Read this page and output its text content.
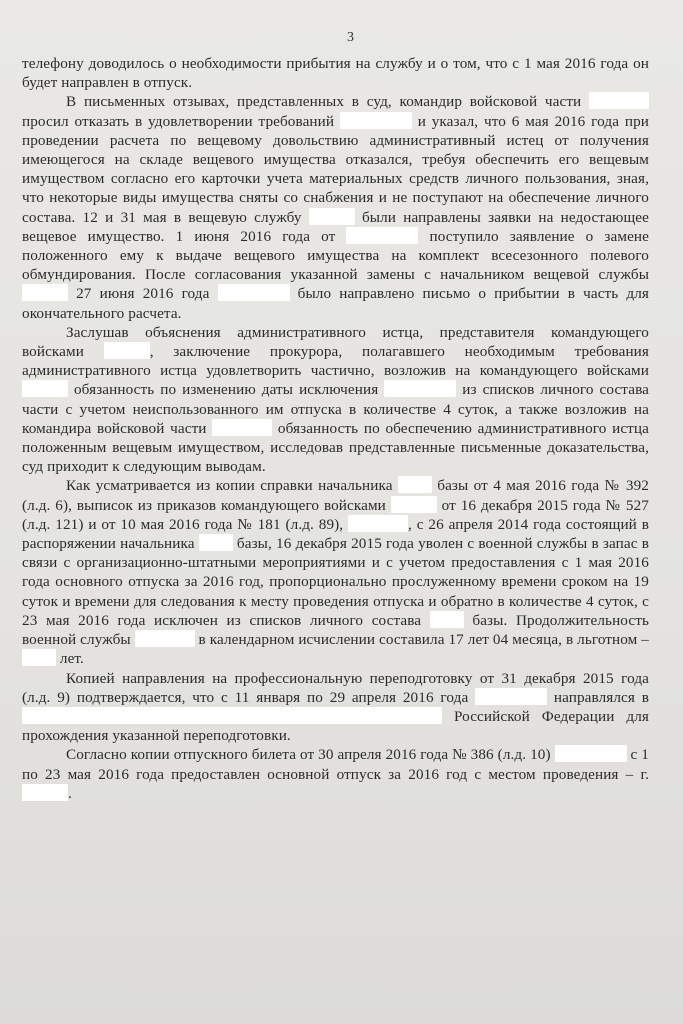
3

телефону доводилось о необходимости прибытия на службу и о том, что с 1 мая 2016 года он будет направлен в отпуск.

В письменных отзывах, представленных в суд, командир войсковой части  просил отказать в удовлетворении требований	и указал, что 6 мая 2016 года при проведении расчета по вещевому довольствию административный истец от получения имеющегося на складе вещевого имущества отказался, требуя обеспечить его вещевым имуществом согласно его карточки учета материальных средств личного пользования, зная, что некоторые виды имущества сняты со снабжения и не поступают на обеспечение личного состава. 12 и 31 мая в вещевую службу	были направлены заявки на недостающее вещевое имущество. 1 июня 2016 года от	поступило заявление о замене положенного ему к выдаче вещевого имущества на комплект всесезонного полевого обмундирования. После согласования указанной замены с начальником вещевой службы  27 июня 2016 года	было направлено письмо о прибытии в часть для окончательного расчета.

Заслушав объяснения административного истца, представителя командующего войсками	, заключение прокурора, полагавшего необходимым требования административного истца удовлетворить частично, возложив на командующего войсками  обязанность по изменению даты исключения	из списков личного состава части с учетом неиспользованного им отпуска в количестве 4 суток, а также возложив на командира войсковой части	обязанность по обеспечению административного истца положенным вещевым имуществом, исследовав представленные письменные доказательства, суд приходит к следующим выводам.

Как усматривается из копии справки начальника  базы от 4 мая 2016 года № 392 (л.д. 6), выписок из приказов командующего войсками	от 16 декабря 2015 года № 527 (л.д. 121) и от 10 мая 2016 года № 181 (л.д. 89),	, с 26 апреля 2014 года состоящий в распоряжении начальника  базы, 16 декабря 2015 года уволен с военной службы в запас в связи с организационно-штатными мероприятиями и с учетом предоставления с 1 мая 2016 года основного отпуска за 2016 год, пропорционально прослуженному времени сроком на 19 суток и времени для следования к месту проведения отпуска и обратно в количестве 4 суток, с 23 мая 2016 года исключен из списков личного состава  базы. Продолжительность военной службы	в календарном исчислении составила 17 лет 04 месяца, в льготном –  лет.

Копией направления на профессиональную переподготовку от 31 декабря 2015 года (л.д. 9) подтверждается, что с 11 января по 29 апреля 2016 года	направлялся в  Российской Федерации для прохождения указанной переподготовки.

Согласно копии отпускного билета от 30 апреля 2016 года № 386 (л.д. 10)	с 1 по 23 мая 2016 года предоставлен основной отпуск за 2016 год с местом проведения – г. .
